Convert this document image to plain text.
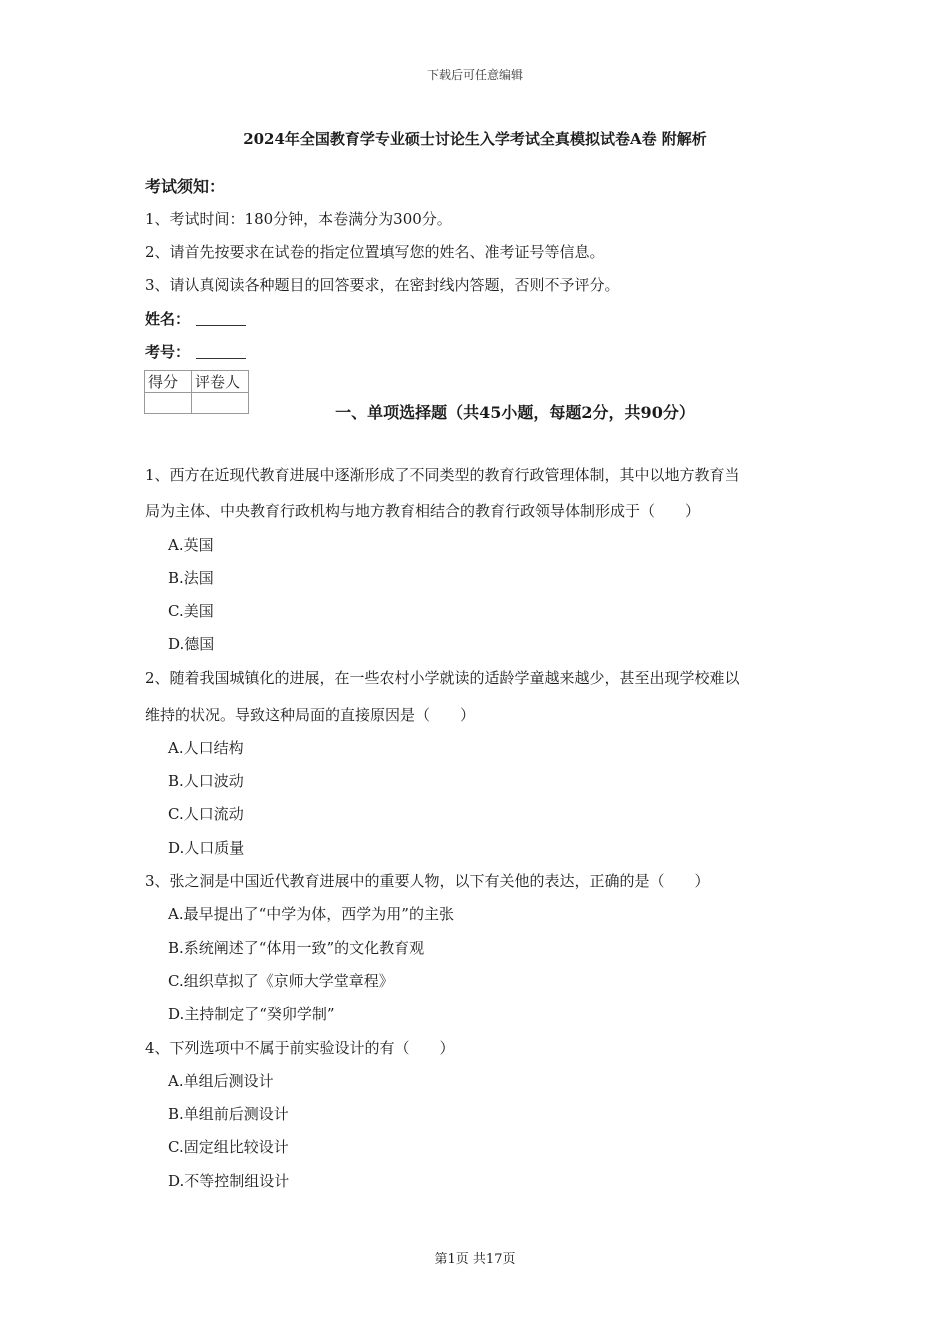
下载后可任意编辑
2024年全国教育学专业硕士讨论生入学考试全真模拟试卷A卷 附解析
考试须知：
1、考试时间：180分钟，本卷满分为300分。
2、请首先按要求在试卷的指定位置填写您的姓名、准考证号等信息。
3、请认真阅读各种题目的回答要求，在密封线内答题，否则不予评分。
姓名：
考号：
得分	评卷人

一、单项选择题（共45小题，每题2分，共90分）
1、西方在近现代教育进展中逐渐形成了不同类型的教育行政管理体制，其中以地方教育当
局为主体、中央教育行政机构与地方教育相结合的教育行政领导体制形成于（　　）
A.英国
B.法国
C.美国
D.德国
2、随着我国城镇化的进展，在一些农村小学就读的适龄学童越来越少，甚至出现学校难以
维持的状况。导致这种局面的直接原因是（　　）
A.人口结构
B.人口波动
C.人口流动
D.人口质量
3、张之洞是中国近代教育进展中的重要人物，以下有关他的表达，正确的是（　　）
A.最早提出了“中学为体，西学为用”的主张
B.系统阐述了“体用一致”的文化教育观
C.组织草拟了《京师大学堂章程》
D.主持制定了“癸卯学制”
4、下列选项中不属于前实验设计的有（　　）
A.单组后测设计
B.单组前后测设计
C.固定组比较设计
D.不等控制组设计
第1页 共17页
